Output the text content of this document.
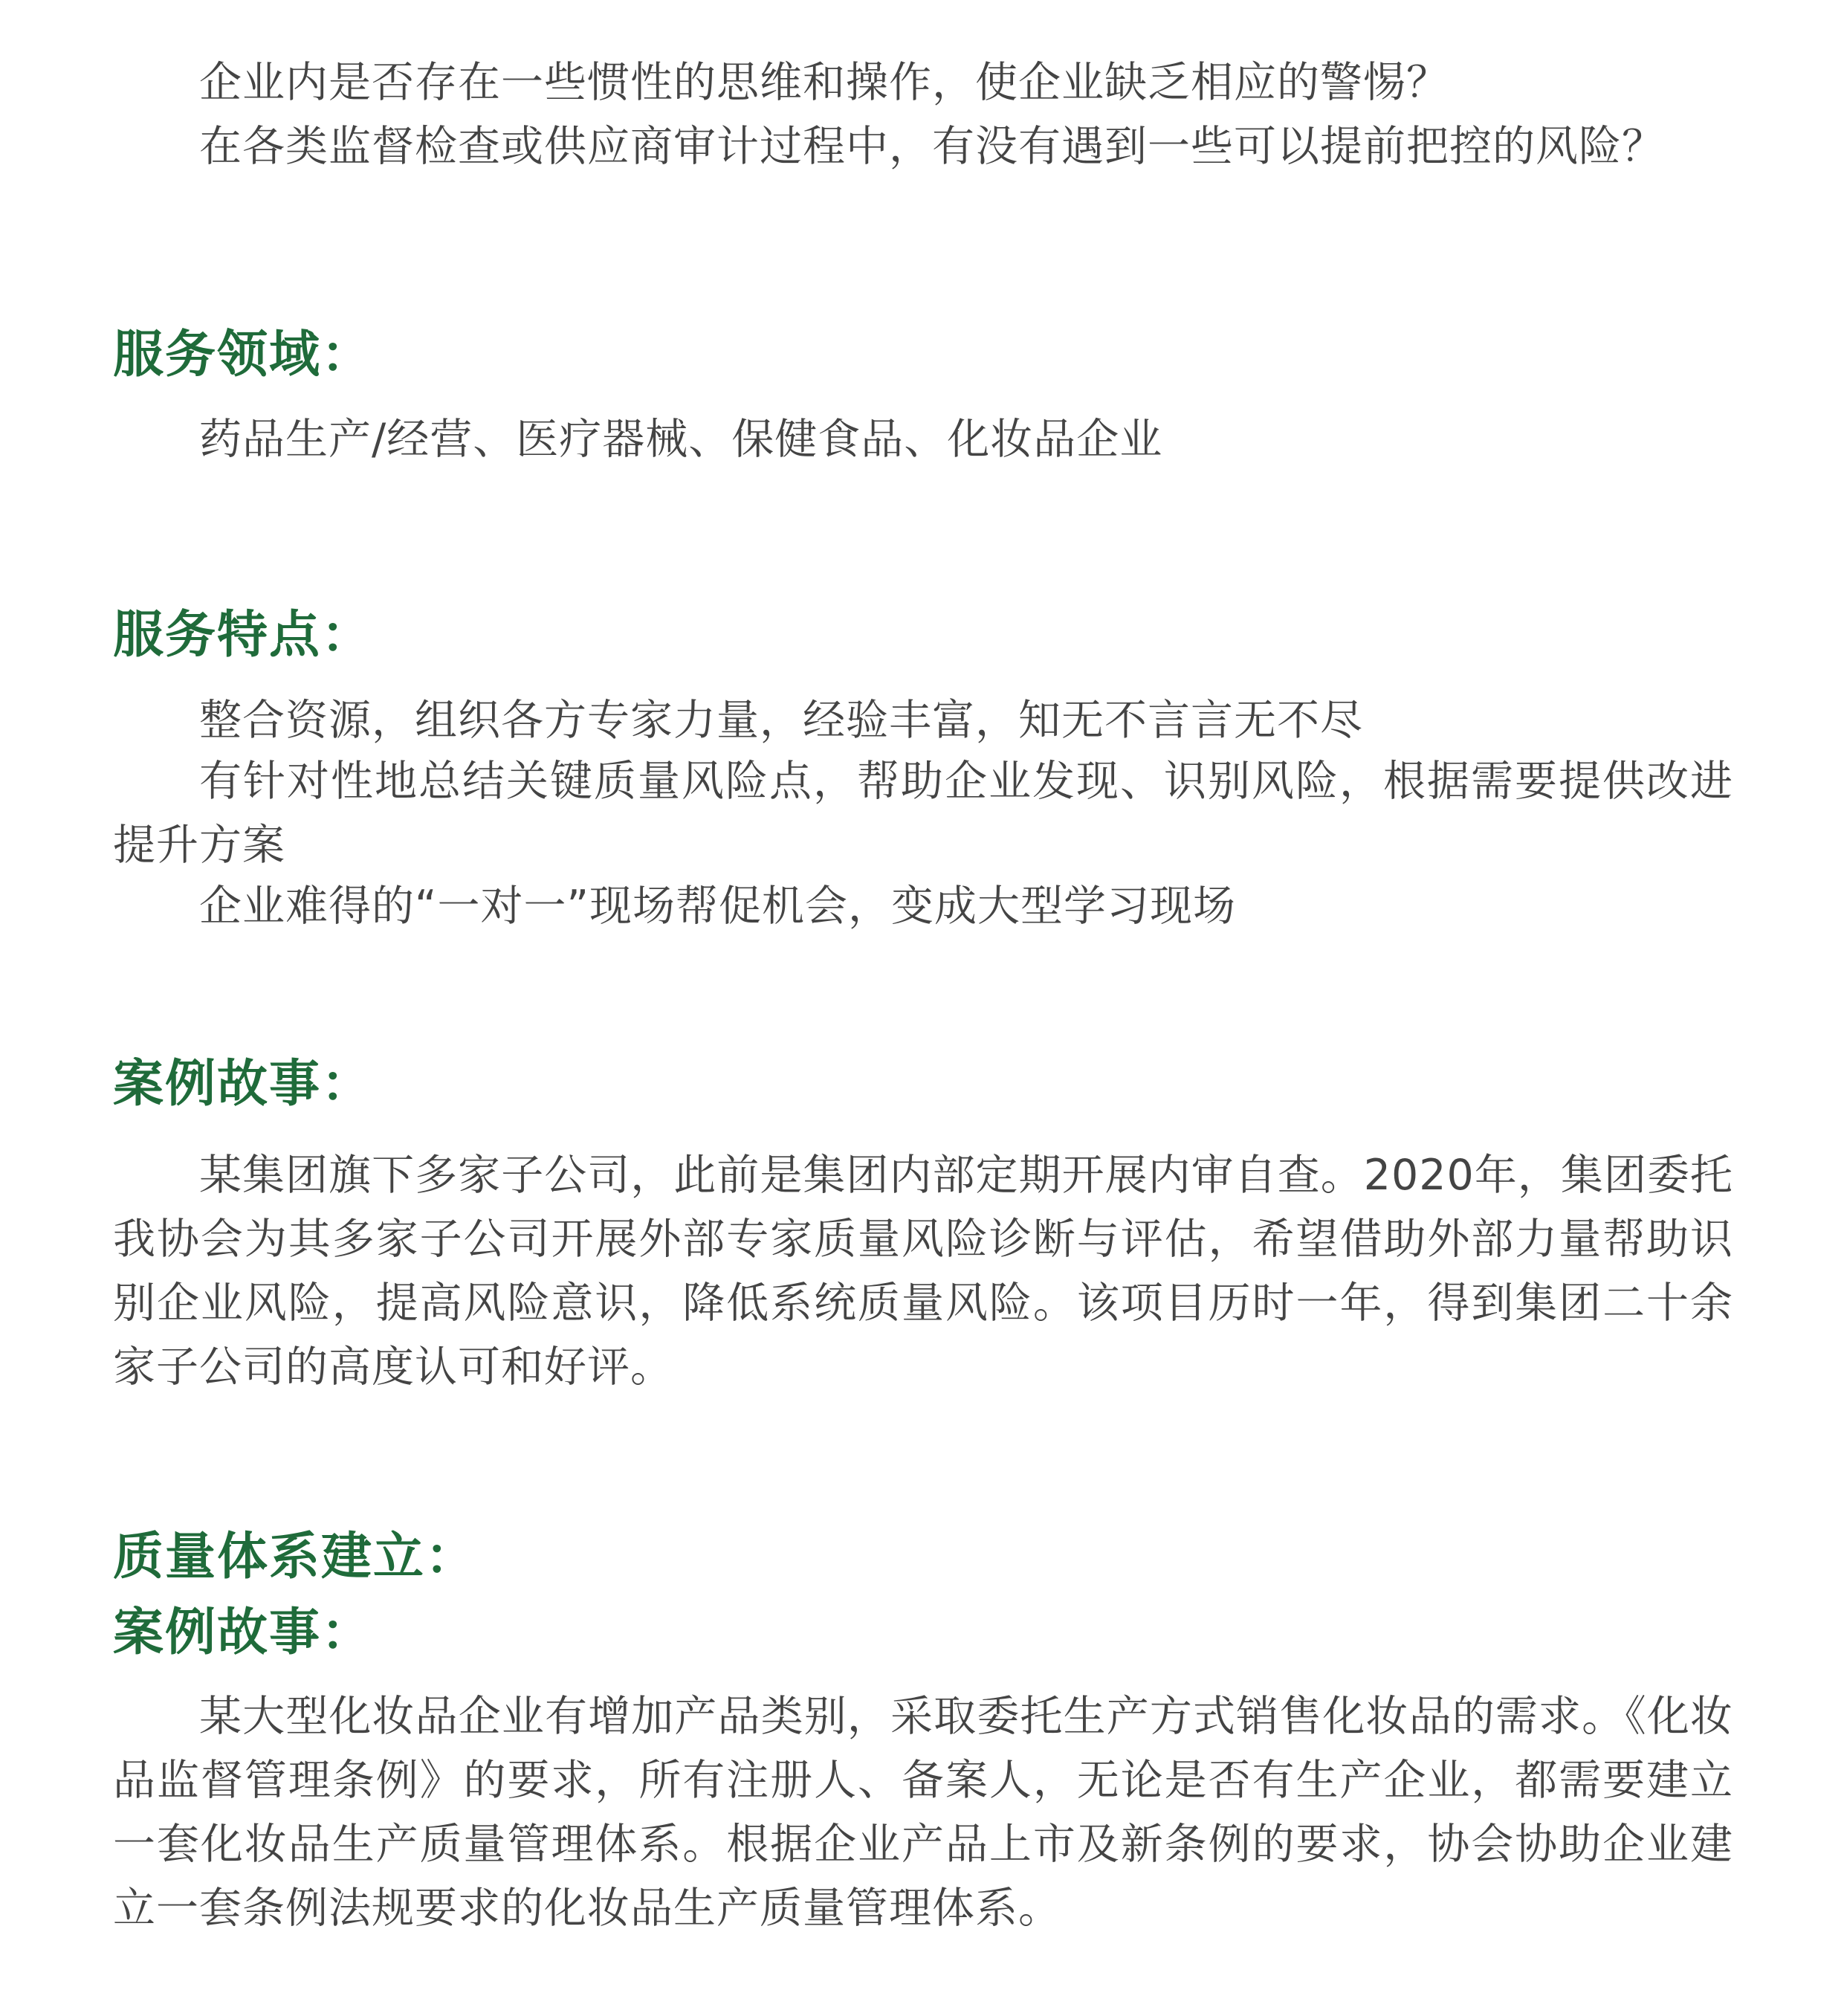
企业内是否存在一些惯性的思维和操作，使企业缺乏相应的警惕？

在各类监督检查或供应商审计过程中，有没有遇到一些可以提前把控的风险？

服务领域：

药品生产/经营、医疗器械、保健食品、化妆品企业

服务特点：

整合资源，组织各方专家力量，经验丰富，知无不言言无不尽

有针对性地总结关键质量风险点，帮助企业发现、识别风险，根据需要提供改进提升方案

企业难得的“一对一”现场帮促机会，变成大型学习现场

案例故事：

某集团旗下多家子公司，此前是集团内部定期开展内审自查。2020年，集团委托我协会为其多家子公司开展外部专家质量风险诊断与评估，希望借助外部力量帮助识别企业风险，提高风险意识，降低系统质量风险。该项目历时一年，得到集团二十余家子公司的高度认可和好评。

质量体系建立：
案例故事：

某大型化妆品企业有增加产品类别，采取委托生产方式销售化妆品的需求。《化妆品监督管理条例》的要求，所有注册人、备案人，无论是否有生产企业，都需要建立一套化妆品生产质量管理体系。根据企业产品上市及新条例的要求，协会协助企业建立一套条例法规要求的化妆品生产质量管理体系。
